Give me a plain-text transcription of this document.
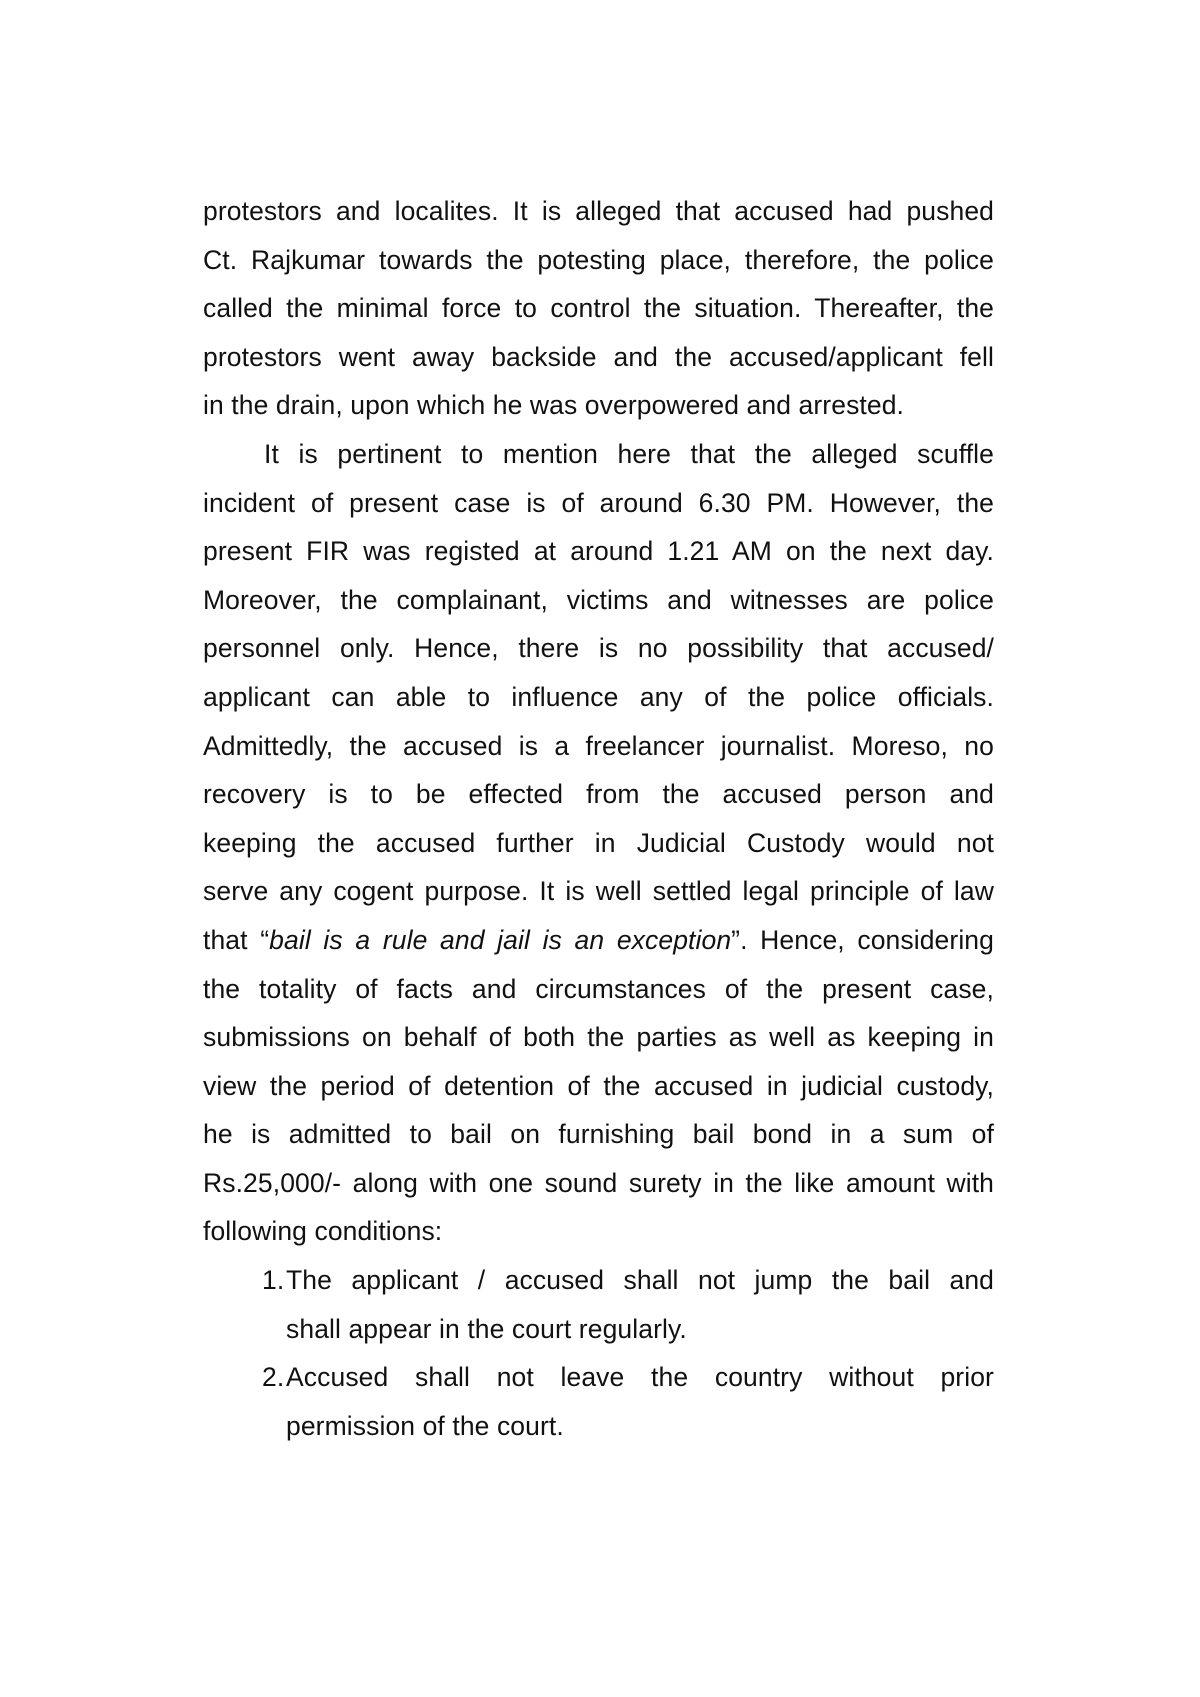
protestors and localites. It is alleged that accused had pushed
Ct. Rajkumar towards the potesting place, therefore, the police
called the minimal force to control the situation. Thereafter, the
protestors went away backside and the accused/applicant fell
in the drain, upon which he was overpowered and arrested.
It is pertinent to mention here that the alleged scuffle
incident of present case is of around 6.30 PM. However, the
present FIR was registed at around 1.21 AM on the next day.
Moreover, the complainant, victims and witnesses are police
personnel only. Hence, there is no possibility that accused/
applicant can able to influence any of the police officials.
Admittedly, the accused is a freelancer journalist. Moreso, no
recovery is to be effected from the accused person and
keeping the accused further in Judicial Custody would not
serve any cogent purpose. It is well settled legal principle of law
that “bail is a rule and jail is an exception”. Hence, considering
the totality of facts and circumstances of the present case,
submissions on behalf of both the parties as well as keeping in
view the period of detention of the accused in judicial custody,
he is admitted to bail on furnishing bail bond in a sum of
Rs.25,000/- along with one sound surety in the like amount with
following conditions:
1. The applicant / accused shall not jump the bail and
shall appear in the court regularly.
2. Accused shall not leave the country without prior
permission of the court.
